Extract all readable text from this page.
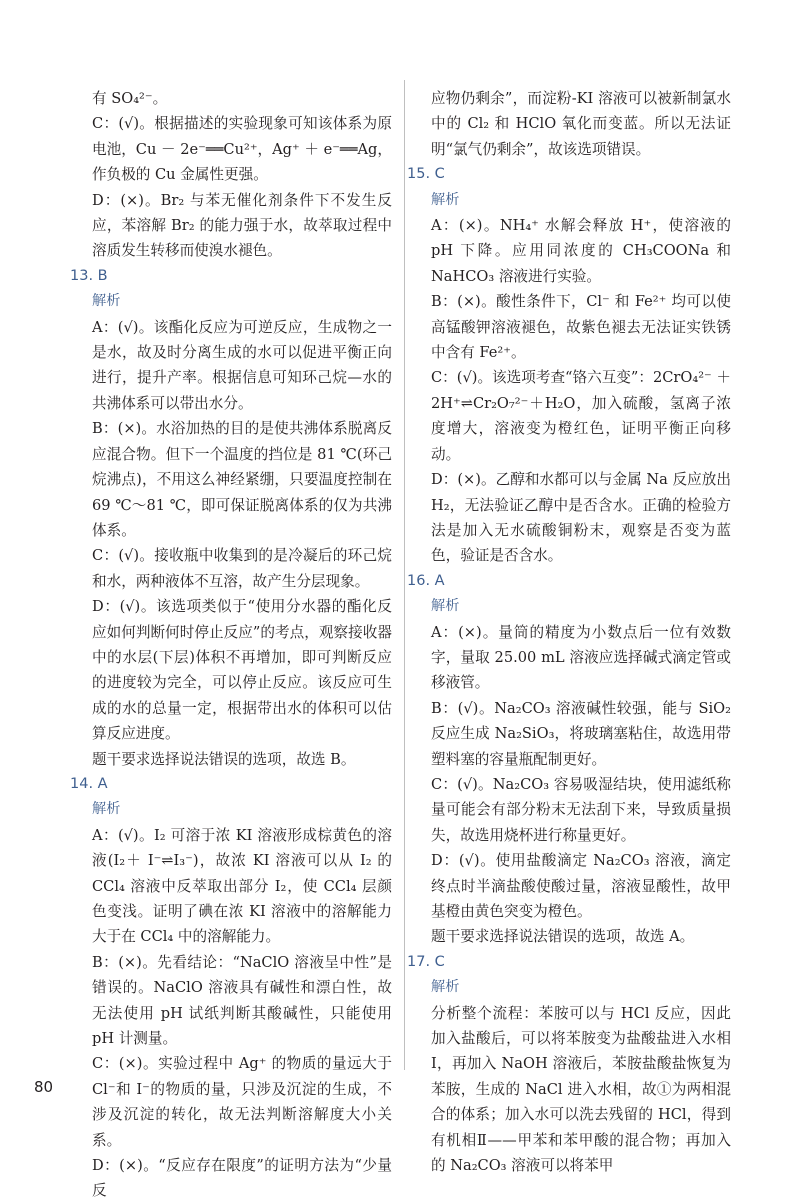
有 SO₄²⁻。

C：(√)。根据描述的实验现象可知该体系为原电池，Cu － 2e⁻══Cu²⁺，Ag⁺ ＋ e⁻══Ag，作负极的 Cu 金属性更强。

D：(×)。Br₂ 与苯无催化剂条件下不发生反应，苯溶解 Br₂ 的能力强于水，故萃取过程中溶质发生转移而使溴水褪色。

13. B

解析

A：(√)。该酯化反应为可逆反应，生成物之一是水，故及时分离生成的水可以促进平衡正向进行，提升产率。根据信息可知环己烷—水的共沸体系可以带出水分。

B：(×)。水浴加热的目的是使共沸体系脱离反应混合物。但下一个温度的挡位是 81 ℃(环己烷沸点)，不用这么神经紧绷，只要温度控制在69 ℃～81 ℃，即可保证脱离体系的仅为共沸体系。

C：(√)。接收瓶中收集到的是冷凝后的环己烷和水，两种液体不互溶，故产生分层现象。

D：(√)。该选项类似于“使用分水器的酯化反应如何判断何时停止反应”的考点，观察接收器中的水层(下层)体积不再增加，即可判断反应的进度较为完全，可以停止反应。该反应可生成的水的总量一定，根据带出水的体积可以估算反应进度。

题干要求选择说法错误的选项，故选 B。

14. A

解析

A：(√)。I₂ 可溶于浓 KI 溶液形成棕黄色的溶液(I₂＋ I⁻⇌I₃⁻)，故浓 KI 溶液可以从 I₂ 的 CCl₄ 溶液中反萃取出部分 I₂，使 CCl₄ 层颜色变浅。证明了碘在浓 KI 溶液中的溶解能力大于在 CCl₄ 中的溶解能力。

B：(×)。先看结论：“NaClO 溶液呈中性”是错误的。NaClO 溶液具有碱性和漂白性，故无法使用 pH 试纸判断其酸碱性，只能使用 pH 计测量。

C：(×)。实验过程中 Ag⁺ 的物质的量远大于 Cl⁻和 I⁻的物质的量，只涉及沉淀的生成，不涉及沉淀的转化，故无法判断溶解度大小关系。

D：(×)。“反应存在限度”的证明方法为“少量反

应物仍剩余”，而淀粉-KI 溶液可以被新制氯水中的 Cl₂ 和 HClO 氧化而变蓝。所以无法证明“氯气仍剩余”，故该选项错误。

15. C

解析

A：(×)。NH₄⁺ 水解会释放 H⁺，使溶液的 pH 下降。应用同浓度的 CH₃COONa 和 NaHCO₃ 溶液进行实验。

B：(×)。酸性条件下，Cl⁻ 和 Fe²⁺ 均可以使高锰酸钾溶液褪色，故紫色褪去无法证实铁锈中含有 Fe²⁺。

C：(√)。该选项考查“铬六互变”：2CrO₄²⁻ ＋ 2H⁺⇌Cr₂O₇²⁻＋H₂O，加入硫酸，氢离子浓度增大，溶液变为橙红色，证明平衡正向移动。

D：(×)。乙醇和水都可以与金属 Na 反应放出 H₂，无法验证乙醇中是否含水。正确的检验方法是加入无水硫酸铜粉末，观察是否变为蓝色，验证是否含水。

16. A

解析

A：(×)。量筒的精度为小数点后一位有效数字，量取 25.00 mL 溶液应选择碱式滴定管或移液管。

B：(√)。Na₂CO₃ 溶液碱性较强，能与 SiO₂ 反应生成 Na₂SiO₃，将玻璃塞粘住，故选用带塑料塞的容量瓶配制更好。

C：(√)。Na₂CO₃ 容易吸湿结块，使用滤纸称量可能会有部分粉末无法刮下来，导致质量损失，故选用烧杯进行称量更好。

D：(√)。使用盐酸滴定 Na₂CO₃ 溶液，滴定终点时半滴盐酸使酸过量，溶液显酸性，故甲基橙由黄色突变为橙色。

题干要求选择说法错误的选项，故选 A。

17. C

解析

分析整个流程：苯胺可以与 HCl 反应，因此加入盐酸后，可以将苯胺变为盐酸盐进入水相Ⅰ，再加入 NaOH 溶液后，苯胺盐酸盐恢复为苯胺，生成的 NaCl 进入水相，故①为两相混合的体系；加入水可以洗去残留的 HCl，得到有机相Ⅱ——甲苯和苯甲酸的混合物；再加入的 Na₂CO₃ 溶液可以将苯甲

80
